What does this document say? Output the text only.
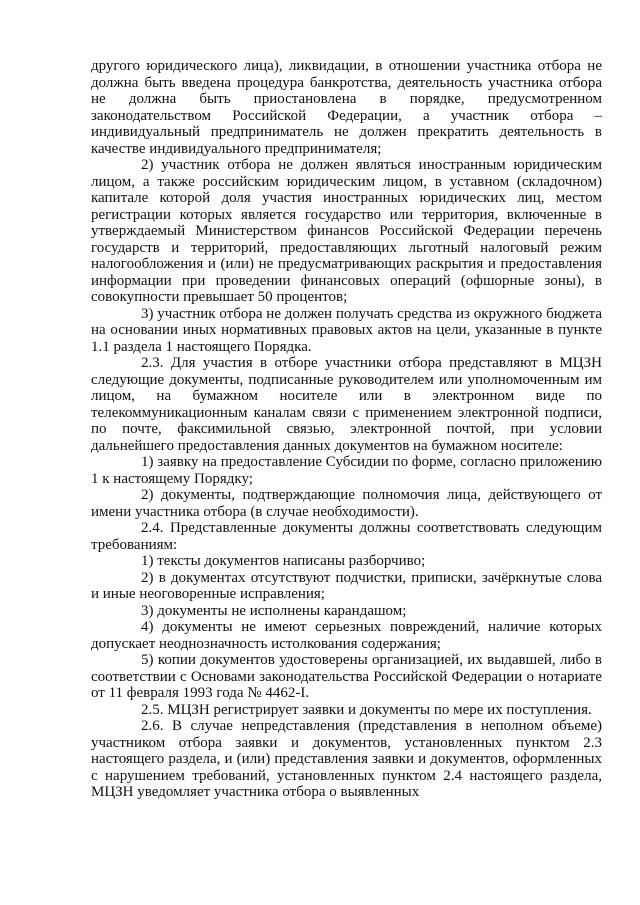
другого юридического лица), ликвидации, в отношении участника отбора не должна быть введена процедура банкротства, деятельность участника отбора не должна быть приостановлена в порядке, предусмотренном законодательством Российской Федерации, а участник отбора – индивидуальный предприниматель не должен прекратить деятельность в качестве индивидуального предпринимателя;

2) участник отбора не должен являться иностранным юридическим лицом, а также российским юридическим лицом, в уставном (складочном) капитале которой доля участия иностранных юридических лиц, местом регистрации которых является государство или территория, включенные в утверждаемый Министерством финансов Российской Федерации перечень государств и территорий, предоставляющих льготный налоговый режим налогообложения и (или) не предусматривающих раскрытия и предоставления информации при проведении финансовых операций (офшорные зоны), в совокупности превышает 50 процентов;

3) участник отбора не должен получать средства из окружного бюджета на основании иных нормативных правовых актов на цели, указанные в пункте 1.1 раздела 1 настоящего Порядка.

2.3. Для участия в отборе участники отбора представляют в МЦЗН следующие документы, подписанные руководителем или уполномоченным им лицом, на бумажном носителе или в электронном виде по телекоммуникационным каналам связи с применением электронной подписи, по почте, факсимильной связью, электронной почтой, при условии дальнейшего предоставления данных документов на бумажном носителе:

1) заявку на предоставление Субсидии по форме, согласно приложению 1 к настоящему Порядку;

2) документы, подтверждающие полномочия лица, действующего от имени участника отбора (в случае необходимости).

2.4. Представленные документы должны соответствовать следующим требованиям:

1) тексты документов написаны разборчиво;

2) в документах отсутствуют подчистки, приписки, зачёркнутые слова и иные неоговоренные исправления;

3) документы не исполнены карандашом;

4) документы не имеют серьезных повреждений, наличие которых допускает неоднозначность истолкования содержания;

5) копии документов удостоверены организацией, их выдавшей, либо в соответствии с Основами законодательства Российской Федерации о нотариате от 11 февраля 1993 года № 4462-I.

2.5. МЦЗН регистрирует заявки и документы по мере их поступления.

2.6. В случае непредставления (представления в неполном объеме) участником отбора заявки и документов, установленных пунктом 2.3 настоящего раздела, и (или) представления заявки и документов, оформленных с нарушением требований, установленных пунктом 2.4 настоящего раздела, МЦЗН уведомляет участника отбора о выявленных
